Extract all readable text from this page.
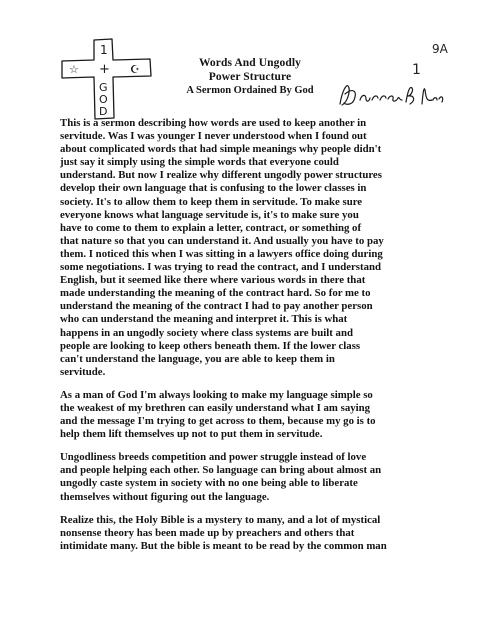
1
☆ + ☪
G
O
D
9A
1
Words And Ungodly
Power Structure
A Sermon Ordained By God

This is a sermon describing how words are used to keep another in
servitude. Was I was younger I never understood when I found out
about complicated words that had simple meanings why people didn't
just say it simply using the simple words that everyone could
understand. But now I realize why different ungodly power structures
develop their own language that is confusing to the lower classes in
society. It's to allow them to keep them in servitude. To make sure
everyone knows what language servitude is, it's to make sure you
have to come to them to explain a letter, contract, or something of
that nature so that you can understand it. And usually you have to pay
them. I noticed this when I was sitting in a lawyers office doing during
some negotiations. I was trying to read the contract, and I understand
English, but it seemed like there where various words in there that
made understanding the meaning of the contract hard. So for me to
understand the meaning of the contract I had to pay another person
who can understand the meaning and interpret it. This is what
happens in an ungodly society where class systems are built and
people are looking to keep others beneath them. If the lower class
can't understand the language, you are able to keep them in
servitude.

As a man of God I'm always looking to make my language simple so
the weakest of my brethren can easily understand what I am saying
and the message I'm trying to get across to them, because my go is to
help them lift themselves up not to put them in servitude.

Ungodliness breeds competition and power struggle instead of love
and people helping each other. So language can bring about almost an
ungodly caste system in society with no one being able to liberate
themselves without figuring out the language.

Realize this, the Holy Bible is a mystery to many, and a lot of mystical
nonsense theory has been made up by preachers and others that
intimidate many. But the bible is meant to be read by the common man
